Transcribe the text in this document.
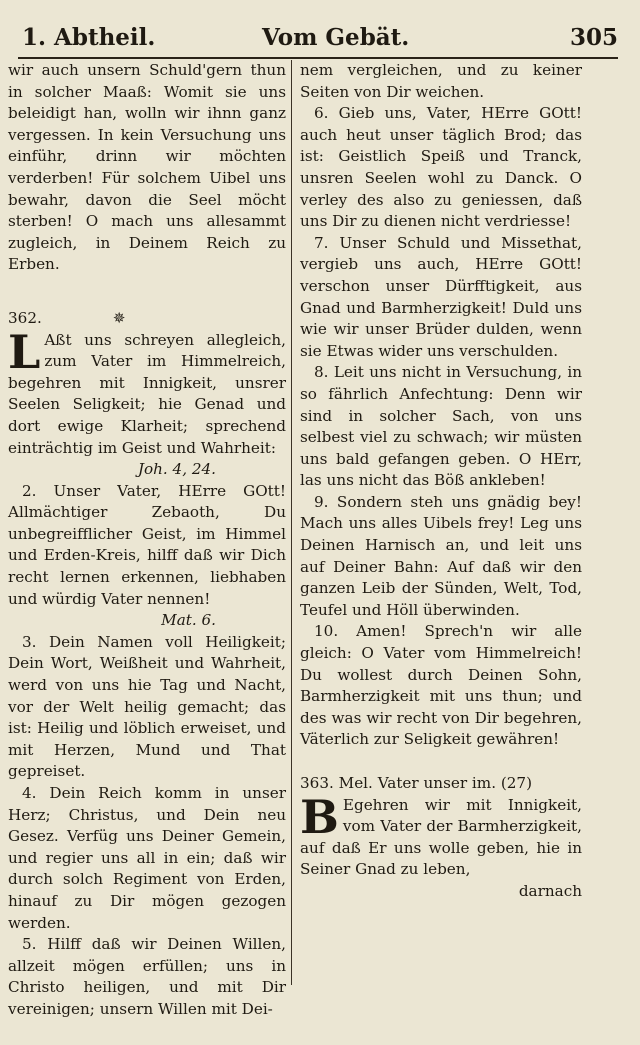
1. Abtheil.	Vom Gebät.	305

wir auch unsern Schuld'gern thun in solcher Maaß: Womit sie uns beleidigt han, wolln wir ihnn ganz vergessen. In kein Versuchung uns einführ, drinn wir möchten verderben! Für solchem Uibel uns bewahr, davon die Seel möcht sterben! O mach uns allesammt zugleich, in Deinem Reich zu Erben.

362.	✵

L Aßt uns schreyen allegleich, zum Vater im Himmelreich, begehren mit Innigkeit, unsrer Seelen Seligkeit; hie Genad und dort ewige Klarheit; sprechend einträchtig im Geist und Wahrheit:

Joh. 4, 24.

2. Unser Vater, HErre GOtt! Allmächtiger Zebaoth, Du unbegreifflicher Geist, im Himmel und Erden-Kreis, hilff daß wir Dich recht lernen erkennen, liebhaben und würdig Vater nennen!

Mat. 6.

3. Dein Namen voll Heiligkeit; Dein Wort, Weißheit und Wahrheit, werd von uns hie Tag und Nacht, vor der Welt heilig gemacht; das ist: Heilig und löblich erweiset, und mit Herzen, Mund und That gepreiset.

4. Dein Reich komm in unser Herz; Christus, und Dein neu Gesez. Verfüg uns Deiner Gemein, und regier uns all in ein; daß wir durch solch Regiment von Erden, hinauf zu Dir mögen gezogen werden.

5. Hilff daß wir Deinen Willen, allzeit mögen erfüllen; uns in Christo heiligen, und mit Dir vereinigen; unsern Willen mit Dei-

nem vergleichen, und zu keiner Seiten von Dir weichen.

6. Gieb uns, Vater, HErre GOtt! auch heut unser täglich Brod; das ist: Geistlich Speiß und Tranck, unsren Seelen wohl zu Danck. O verley des also zu geniessen, daß uns Dir zu dienen nicht verdriesse!

7. Unser Schuld und Missethat, vergieb uns auch, HErre GOtt! verschon unser Dürfftigkeit, aus Gnad und Barmherzigkeit! Duld uns wie wir unser Brüder dulden, wenn sie Etwas wider uns verschulden.

8. Leit uns nicht in Versuchung, in so fährlich Anfechtung: Denn wir sind in solcher Sach, von uns selbest viel zu schwach; wir müsten uns bald gefangen geben. O HErr, las uns nicht das Böß ankleben!

9. Sondern steh uns gnädig bey! Mach uns alles Uibels frey! Leg uns Deinen Harnisch an, und leit uns auf Deiner Bahn: Auf daß wir den ganzen Leib der Sünden, Welt, Tod, Teufel und Höll überwinden.

10. Amen! Sprech'n wir alle gleich: O Vater vom Himmelreich! Du wollest durch Deinen Sohn, Barmherzigkeit mit uns thun; und des was wir recht von Dir begehren, Väterlich zur Seligkeit gewähren!

363. Mel. Vater unser im. (27)

B Egehren wir mit Innigkeit, vom Vater der Barmherzigkeit, auf daß Er uns wolle geben, hie in Seiner Gnad zu leben,

darnach
